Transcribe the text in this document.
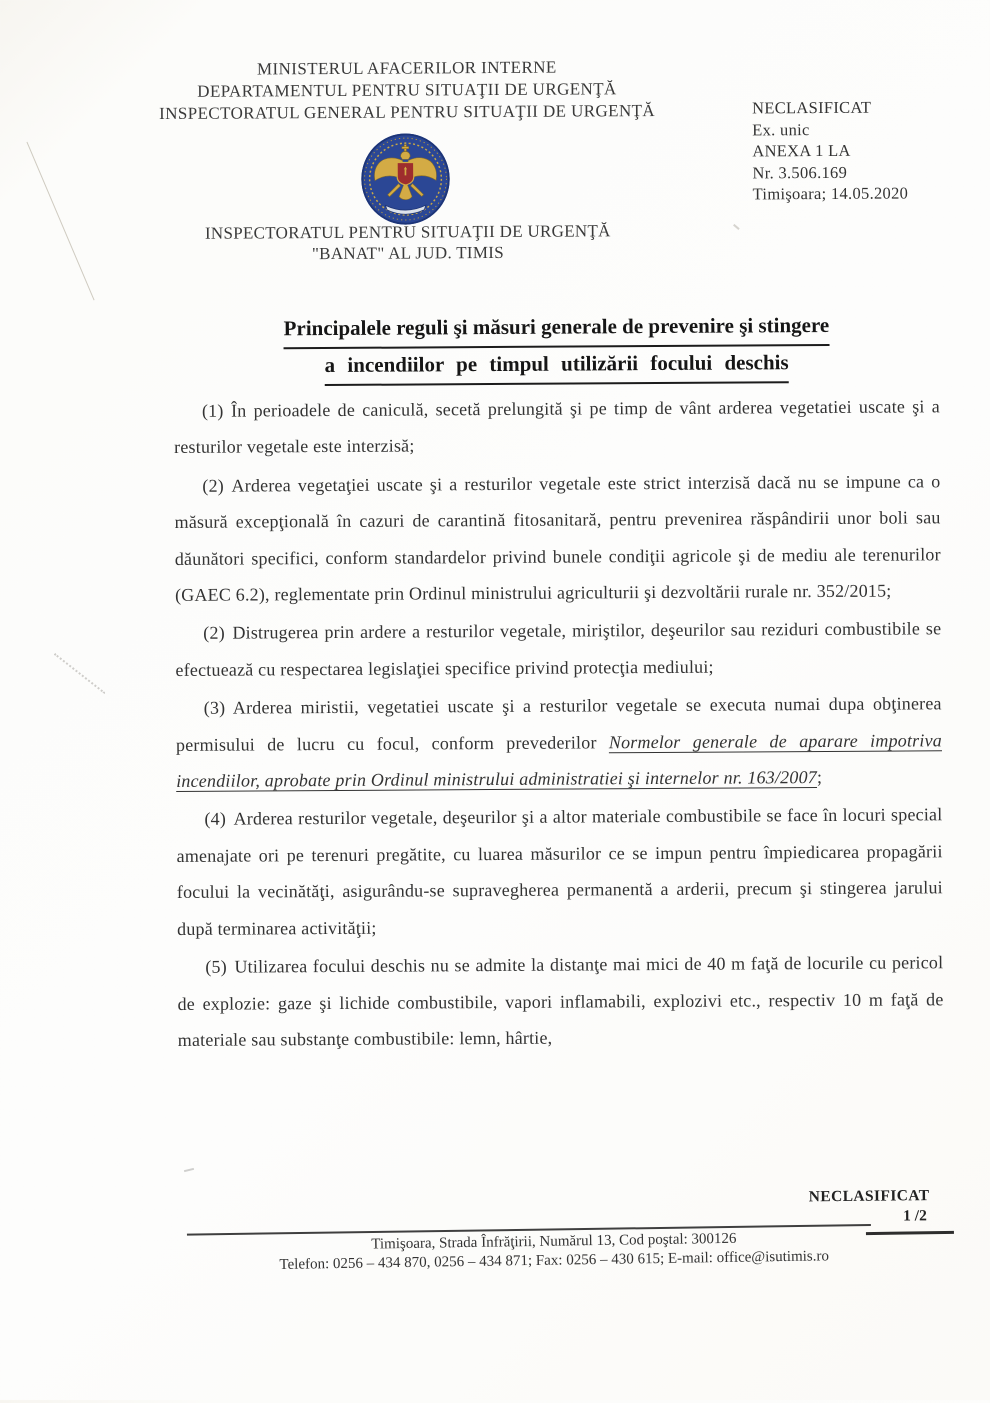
MINISTERUL AFACERILOR INTERNE
DEPARTAMENTUL PENTRU SITUAŢII DE URGENŢĂ
INSPECTORATUL GENERAL PENTRU SITUAŢII DE URGENŢĂ	NECLASIFICAT
Ex. unic
ANEXA 1 LA
Nr. 3.506.169
Timişoara; 14.05.2020
INSPECTORATUL PENTRU SITUAŢII DE URGENŢĂ
"BANAT" AL JUD. TIMIS
Principalele reguli şi măsuri generale de prevenire şi stingere
a incendiilor pe timpul utilizării focului deschis

(1) În perioadele de caniculă, secetă prelungită şi pe timp de vânt arderea vegetatiei uscate şi a resturilor vegetale este interzisă;

(2) Arderea vegetaţiei uscate şi a resturilor vegetale este strict interzisă dacă nu se impune ca o măsură excepţională în cazuri de carantină fitosanitară, pentru prevenirea răspândirii unor boli sau dăunători specifici, conform standardelor privind bunele condiţii agricole şi de mediu ale terenurilor (GAEC 6.2), reglementate prin Ordinul ministrului agriculturii şi dezvoltării rurale nr. 352/2015;

(2) Distrugerea prin ardere a resturilor vegetale, miriştilor, deşeurilor sau reziduri combustibile se efectuează cu respectarea legislaţiei specifice privind protecţia mediului;

(3) Arderea miristii, vegetatiei uscate şi a resturilor vegetale se executa numai dupa obţinerea permisului de lucru cu focul, conform prevederilor Normelor generale de aparare impotriva incendiilor, aprobate prin Ordinul ministrului administratiei şi internelor nr. 163/2007;

(4) Arderea resturilor vegetale, deşeurilor şi a altor materiale combustibile se face în locuri special amenajate ori pe terenuri pregătite, cu luarea măsurilor ce se impun pentru împiedicarea propagării focului la vecinătăţi, asigurându-se supravegherea permanentă a arderii, precum şi stingerea jarului după terminarea activităţii;

(5) Utilizarea focului deschis nu se admite la distanţe mai mici de 40 m faţă de locurile cu pericol de explozie: gaze şi lichide combustibile, vapori inflamabili, explozivi etc., respectiv 10 m faţă de materiale sau substanţe combustibile: lemn, hârtie,

NECLASIFICAT
1 /2
Timişoara, Strada Înfrăţirii, Numărul 13, Cod poştal: 300126
Telefon: 0256 – 434 870, 0256 – 434 871; Fax: 0256 – 430 615; E-mail: office@isutimis.ro
